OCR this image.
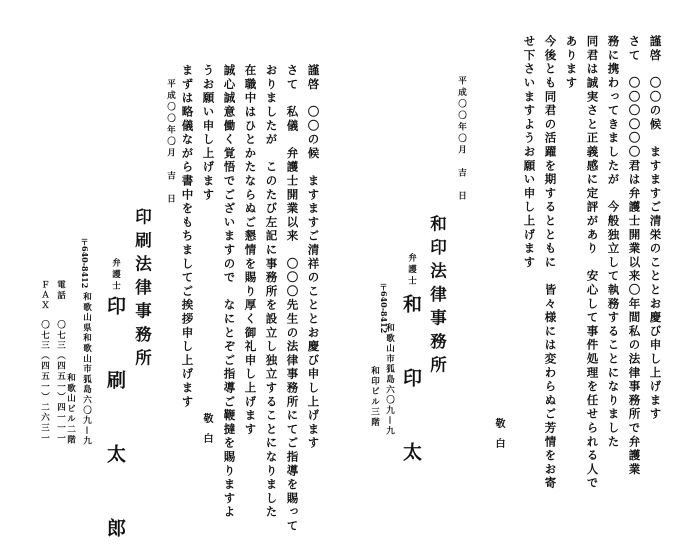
謹啓　〇〇の候　ますますご清栄のこととお慶び申し上げます
さて　〇〇〇〇〇〇君は弁護士開業以来〇年間私の法律事務所で弁護業
務に携わってきましたが　今般独立して執務することになりました
同君は誠実さと正義感に定評があり　安心して事件処理を任せられる人で
あります
今後とも同君の活躍を期するとともに　皆々様には変わらぬご芳情をお寄
せ下さいますようお願い申し上げます
敬　白
平成〇〇年〇月　吉　日
和印法律事務所
弁護士
和　印　太
〒640-8412
和歌山市狐島六〇九—九
和印ビル三階
謹啓　〇〇の候　ますますご清祥のこととお慶び申し上げます
さて　私儀　弁護士開業以来　〇〇〇先生の法律事務所にてご指導を賜って
おりましたが　このたび左記に事務所を設立し独立することになりました
在職中はひとかたならぬご懇情を賜り厚く御礼申し上げます
誠心誠意働く覚悟でございますので　なにとぞご指導ご鞭撻を賜りますよ
うお願い申し上げます
まずは略儀ながら書中をもちましてご挨拶申し上げます
敬　白
平成〇〇年〇月　吉　日
印刷法律事務所
弁護士
印　刷　太　郎
〒640-8412
和歌山県和歌山市狐島六〇九—九
和歌山ビル二階
電話
〇七三（四五一）四一一一
ＦＡＸ
〇七三（四五一）二六三一
